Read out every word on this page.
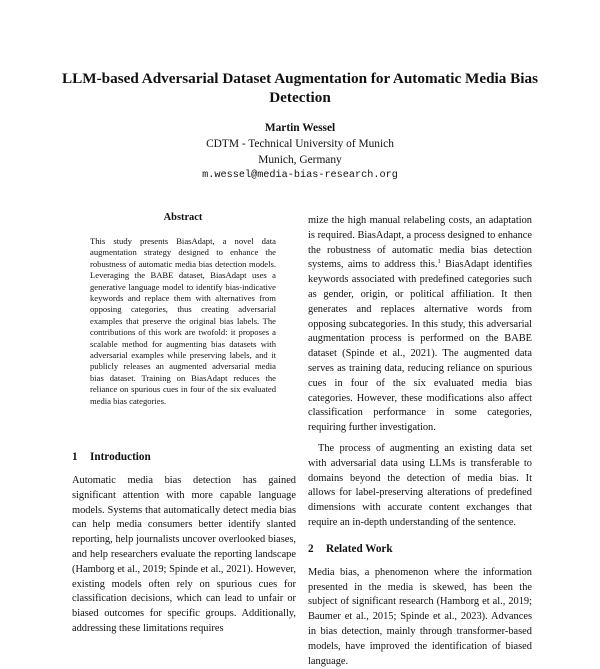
LLM-based Adversarial Dataset Augmentation for Automatic Media Bias Detection
Martin Wessel
CDTM - Technical University of Munich
Munich, Germany
m.wessel@media-bias-research.org
Abstract
This study presents BiasAdapt, a novel data augmentation strategy designed to enhance the robustness of automatic media bias detection models. Leveraging the BABE dataset, BiasAdapt uses a generative language model to identify bias-indicative keywords and replace them with alternatives from opposing categories, thus creating adversarial examples that preserve the original bias labels. The contributions of this work are twofold: it proposes a scalable method for augmenting bias datasets with adversarial examples while preserving labels, and it publicly releases an augmented adversarial media bias dataset. Training on BiasAdapt reduces the reliance on spurious cues in four of the six evaluated media bias categories.
1 Introduction

Automatic media bias detection has gained significant attention with more capable language models. Systems that automatically detect media bias can help media consumers better identify slanted reporting, help journalists uncover overlooked biases, and help researchers evaluate the reporting landscape (Hamborg et al., 2019; Spinde et al., 2021). However, existing models often rely on spurious cues for classification decisions, which can lead to unfair or biased outcomes for specific groups. Additionally, addressing these limitations requires

mize the high manual relabeling costs, an adaptation is required. BiasAdapt, a process designed to enhance the robustness of automatic media bias detection systems, aims to address this.$^1$ BiasAdapt identifies keywords associated with predefined categories such as gender, origin, or political affiliation. It then generates and replaces alternative words from opposing subcategories. In this study, this adversarial augmentation process is performed on the BABE dataset (Spinde et al., 2021). The augmented data serves as training data, reducing reliance on spurious cues in four of the six evaluated media bias categories. However, these modifications also affect classification performance in some categories, requiring further investigation.

The process of augmenting an existing data set with adversarial data using LLMs is transferable to domains beyond the detection of media bias. It allows for label-preserving alterations of predefined dimensions with accurate content exchanges that require an in-depth understanding of the sentence.

2 Related Work

Media bias, a phenomenon where the information presented in the media is skewed, has been the subject of significant research (Hamborg et al., 2019; Baumer et al., 2015; Spinde et al., 2023). Advances in bias detection, mainly through transformer-based models, have improved the identification of biased language.
